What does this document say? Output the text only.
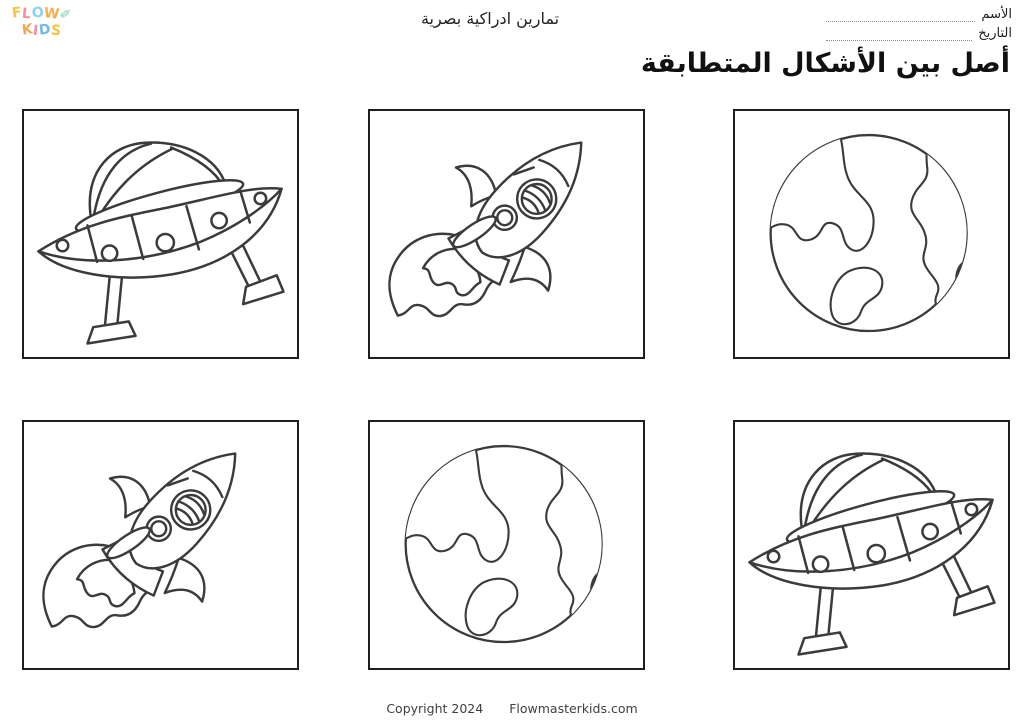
FLOW✎
KIDS
تمارين ادراكية بصرية	الأسم
التاريخ
أصل بين الأشكال المتطابقة
Copyright 2024 Flowmasterkids.com
